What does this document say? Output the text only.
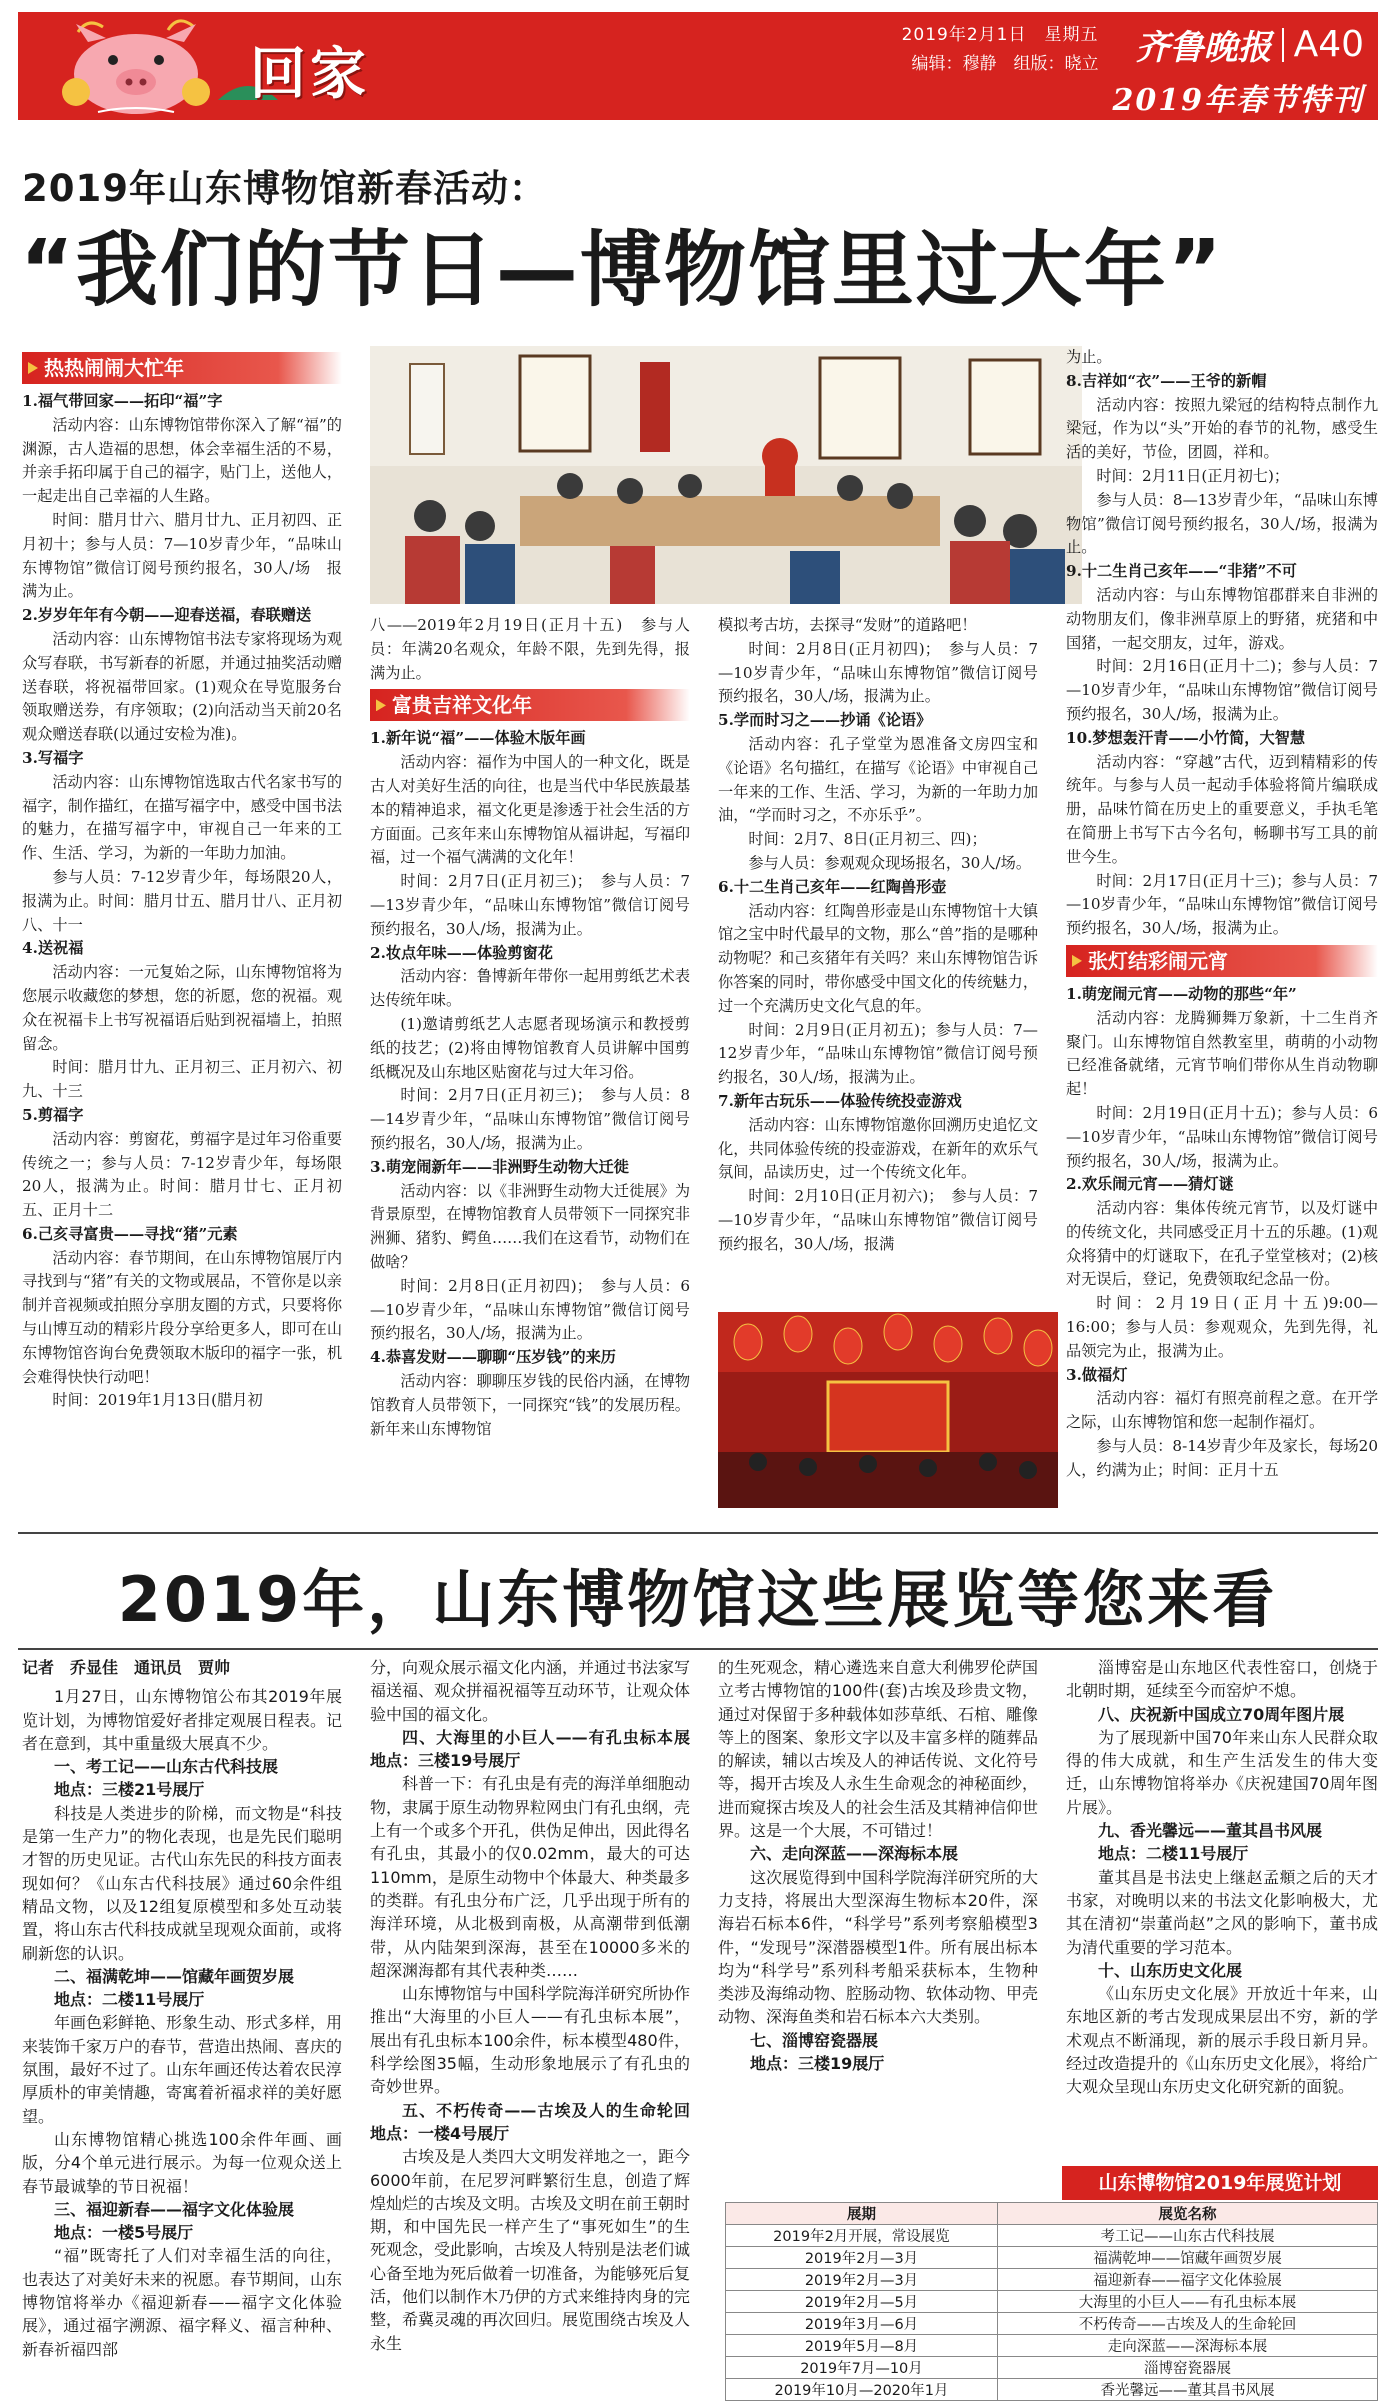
回家
2019年2月1日　星期五
编辑：穆静　组版：晓立 齐鲁晚报 A40
2019年春节特刊
2019年山东博物馆新春活动：
“我们的节日—博物馆里过大年”
热热闹闹大忙年

1.福气带回家——拓印“福”字

活动内容：山东博物馆带你深入了解“福”的渊源，古人造福的思想，体会幸福生活的不易，并亲手拓印属于自己的福字，贴门上，送他人，一起走出自己幸福的人生路。

时间：腊月廿六、腊月廿九、正月初四、正月初十；参与人员：7—10岁青少年，“品味山东博物馆”微信订阅号预约报名，30人/场　报满为止。

2.岁岁年年有今朝——迎春送福，春联赠送

活动内容：山东博物馆书法专家将现场为观众写春联，书写新春的祈愿，并通过抽奖活动赠送春联，将祝福带回家。(1)观众在导览服务台领取赠送券，有序领取；(2)向活动当天前20名观众赠送春联(以通过安检为准)。

3.写福字

活动内容：山东博物馆选取古代名家书写的福字，制作描红，在描写福字中，感受中国书法的魅力，在描写福字中，审视自己一年来的工作、生活、学习，为新的一年助力加油。

参与人员：7-12岁青少年，每场限20人，报满为止。时间：腊月廿五、腊月廿八、正月初八、十一

4.送祝福

活动内容：一元复始之际，山东博物馆将为您展示收藏您的梦想，您的祈愿，您的祝福。观众在祝福卡上书写祝福语后贴到祝福墙上，拍照留念。

时间：腊月廿九、正月初三、正月初六、初九、十三

5.剪福字

活动内容：剪窗花，剪福字是过年习俗重要传统之一；参与人员：7-12岁青少年，每场限20人，报满为止。时间：腊月廿七、正月初五、正月十二

6.己亥寻富贵——寻找“猪”元素

活动内容：春节期间，在山东博物馆展厅内寻找到与“猪”有关的文物或展品，不管你是以亲制并音视频或拍照分享朋友圈的方式，只要将你与山博互动的精彩片段分享给更多人，即可在山东博物馆咨询台免费领取木版印的福字一张，机会难得快快行动吧！

时间：2019年1月13日(腊月初

八——2019年2月19日(正月十五)　参与人员：年满20名观众，年龄不限，先到先得，报满为止。

富贵吉祥文化年

1.新年说“福”——体验木版年画

活动内容：福作为中国人的一种文化，既是古人对美好生活的向往，也是当代中华民族最基本的精神追求，福文化更是渗透于社会生活的方方面面。己亥年来山东博物馆从福讲起，写福印福，过一个福气满满的文化年！

时间：2月7日(正月初三)；　参与人员：7—13岁青少年，“品味山东博物馆”微信订阅号预约报名，30人/场，报满为止。

2.妆点年味——体验剪窗花

活动内容：鲁博新年带你一起用剪纸艺术表达传统年味。

(1)邀请剪纸艺人志愿者现场演示和教授剪纸的技艺；(2)将由博物馆教育人员讲解中国剪纸概况及山东地区贴窗花与过大年习俗。

时间：2月7日(正月初三)；　参与人员：8—14岁青少年，“品味山东博物馆”微信订阅号预约报名，30人/场，报满为止。

3.萌宠闹新年——非洲野生动物大迁徙

活动内容：以《非洲野生动物大迁徙展》为背景原型，在博物馆教育人员带领下一同探究非洲狮、猪豹、鳄鱼……我们在这看节，动物们在做啥？

时间：2月8日(正月初四)；　参与人员：6—10岁青少年，“品味山东博物馆”微信订阅号预约报名，30人/场，报满为止。

4.恭喜发财——聊聊“压岁钱”的来历

活动内容：聊聊压岁钱的民俗内涵，在博物馆教育人员带领下，一同探究“钱”的发展历程。新年来山东博物馆

模拟考古坊，去探寻“发财”的道路吧！

时间：2月8日(正月初四)；　参与人员：7—10岁青少年，“品味山东博物馆”微信订阅号预约报名，30人/场，报满为止。

5.学而时习之——抄诵《论语》

活动内容：孔子堂堂为恩准备文房四宝和《论语》名句描红，在描写《论语》中审视自己一年来的工作、生活、学习，为新的一年助力加油，“学而时习之，不亦乐乎”。

时间：2月7、8日(正月初三、四)；

参与人员：参观观众现场报名，30人/场。

6.十二生肖己亥年——红陶兽形壶

活动内容：红陶兽形壶是山东博物馆十大镇馆之宝中时代最早的文物，那么“兽”指的是哪种动物呢？和己亥猪年有关吗？来山东博物馆告诉你答案的同时，带你感受中国文化的传统魅力，过一个充满历史文化气息的年。

时间：2月9日(正月初五)；参与人员：7—12岁青少年，“品味山东博物馆”微信订阅号预约报名，30人/场，报满为止。

7.新年古玩乐——体验传统投壶游戏

活动内容：山东博物馆邀你回溯历史追忆文化，共同体验传统的投壶游戏，在新年的欢乐气氛间，品读历史，过一个传统文化年。

时间：2月10日(正月初六)；　参与人员：7—10岁青少年，“品味山东博物馆”微信订阅号预约报名，30人/场，报满

为止。

8.吉祥如“衣”——王爷的新帽

活动内容：按照九梁冠的结构特点制作九梁冠，作为以“头”开始的春节的礼物，感受生活的美好，节俭，团圆，祥和。

时间：2月11日(正月初七)；

参与人员：8—13岁青少年，“品味山东博物馆”微信订阅号预约报名，30人/场，报满为止。

9.十二生肖己亥年——“非猪”不可

活动内容：与山东博物馆郡群来自非洲的动物朋友们，像非洲草原上的野猪，疣猪和中国猪，一起交朋友，过年，游戏。

时间：2月16日(正月十二)；参与人员：7—10岁青少年，“品味山东博物馆”微信订阅号预约报名，30人/场，报满为止。

10.梦想轰汗青——小竹简，大智慧

活动内容：“穿越”古代，迈到精精彩的传统年。与参与人员一起动手体验将简片编联成册，品味竹简在历史上的重要意义，手执毛笔在简册上书写下古今名句，畅聊书写工具的前世今生。

时间：2月17日(正月十三)；参与人员：7—10岁青少年，“品味山东博物馆”微信订阅号预约报名，30人/场，报满为止。

张灯结彩闹元宵

1.萌宠闹元宵——动物的那些“年”

活动内容：龙腾狮舞万象新，十二生肖齐聚门。山东博物馆自然教室里，萌萌的小动物已经准备就绪，元宵节响们带你从生肖动物聊起！

时间：2月19日(正月十五)；参与人员：6—10岁青少年，“品味山东博物馆”微信订阅号预约报名，30人/场，报满为止。

2.欢乐闹元宵——猜灯谜

活动内容：集体传统元宵节，以及灯谜中的传统文化，共同感受正月十五的乐趣。(1)观众将猜中的灯谜取下，在孔子堂堂核对；(2)核对无误后，登记，免费领取纪念品一份。

时间：2月19日(正月十五)9:00—16:00；参与人员：参观观众，先到先得，礼品领完为止，报满为止。

3.做福灯

活动内容：福灯有照亮前程之意。在开学之际，山东博物馆和您一起制作福灯。

参与人员：8-14岁青少年及家长，每场20人，约满为止；时间：正月十五

2019年，山东博物馆这些展览等您来看

记者　乔显佳　通讯员　贾帅

1月27日，山东博物馆公布其2019年展览计划，为博物馆爱好者排定观展日程表。记者在意到，其中重量级大展真不少。

一、考工记——山东古代科技展

地点：三楼21号展厅

科技是人类进步的阶梯，而文物是“科技是第一生产力”的物化表现，也是先民们聪明才智的历史见证。古代山东先民的科技方面表现如何？《山东古代科技展》通过60余件组精品文物，以及12组复原模型和多处互动装置，将山东古代科技成就呈现观众面前，或将刷新您的认识。

二、福满乾坤——馆藏年画贺岁展

地点：二楼11号展厅

年画色彩鲜艳、形象生动、形式多样，用来装饰千家万户的春节，营造出热闹、喜庆的氛围，最好不过了。山东年画还传达着农民淳厚质朴的审美情趣，寄寓着祈福求祥的美好愿望。

山东博物馆精心挑选100余件年画、画版，分4个单元进行展示。为每一位观众送上春节最诚挚的节日祝福！

三、福迎新春——福字文化体验展

地点：一楼5号展厅

“福”既寄托了人们对幸福生活的向往，也表达了对美好未来的祝愿。春节期间，山东博物馆将举办《福迎新春——福字文化体验展》，通过福字溯源、福字释义、福言种种、新春祈福四部

分，向观众展示福文化内涵，并通过书法家写福送福、观众拼福祝福等互动环节，让观众体验中国的福文化。

四、大海里的小巨人——有孔虫标本展　地点：三楼19号展厅

科普一下：有孔虫是有壳的海洋单细胞动物，隶属于原生动物界粒网虫门有孔虫纲，壳上有一个或多个开孔，供伪足伸出，因此得名有孔虫，其最小的仅0.02mm，最大的可达110mm，是原生动物中个体最大、种类最多的类群。有孔虫分布广泛，几乎出现于所有的海洋环境，从北极到南极，从高潮带到低潮带，从内陆架到深海，甚至在10000多米的超深渊海都有其代表种类……

山东博物馆与中国科学院海洋研究所协作推出“大海里的小巨人——有孔虫标本展”，展出有孔虫标本100余件，标本模型480件，科学绘图35幅，生动形象地展示了有孔虫的奇妙世界。

五、不朽传奇——古埃及人的生命轮回　地点：一楼4号展厅

古埃及是人类四大文明发祥地之一，距今6000年前，在尼罗河畔繁衍生息，创造了辉煌灿烂的古埃及文明。古埃及文明在前王朝时期，和中国先民一样产生了“事死如生”的生死观念，受此影响，古埃及人特别是法老们诚心备至地为死后做着一切准备，为能够死后复活，他们以制作木乃伊的方式来维持肉身的完整，希冀灵魂的再次回归。展览围绕古埃及人永生

的生死观念，精心遴选来自意大利佛罗伦萨国立考古博物馆的100件(套)古埃及珍贵文物，通过对保留于多种载体如莎草纸、石棺、雕像等上的图案、象形文字以及丰富多样的随葬品的解读，辅以古埃及人的神话传说、文化符号等，揭开古埃及人永生生命观念的神秘面纱，进而窥探古埃及人的社会生活及其精神信仰世界。这是一个大展，不可错过！

六、走向深蓝——深海标本展

这次展览得到中国科学院海洋研究所的大力支持，将展出大型深海生物标本20件，深海岩石标本6件，“科学号”系列考察船模型3件，“发现号”深潜器模型1件。所有展出标本均为“科学号”系列科考船采获标本，生物种类涉及海绵动物、腔肠动物、软体动物、甲壳动物、深海鱼类和岩石标本六大类别。

七、淄博窑瓷器展

地点：三楼19展厅

淄博窑是山东地区代表性窑口，创烧于北朝时期，延续至今而窑炉不熄。

八、庆祝新中国成立70周年图片展

为了展现新中国70年来山东人民群众取得的伟大成就，和生产生活发生的伟大变迁，山东博物馆将举办《庆祝建国70周年图片展》。

九、香光馨远——董其昌书风展

地点：二楼11号展厅

董其昌是书法史上继赵孟頫之后的天才书家，对晚明以来的书法文化影响极大，尤其在清初“崇董尚赵”之风的影响下，董书成为清代重要的学习范本。

十、山东历史文化展

《山东历史文化展》开放近十年来，山东地区新的考古发现成果层出不穷，新的学术观点不断涌现，新的展示手段日新月异。经过改造提升的《山东历史文化展》，将给广大观众呈现山东历史文化研究新的面貌。

山东博物馆2019年展览计划
展期	展览名称
2019年2月开展，常设展览	考工记——山东古代科技展
2019年2月—3月	福满乾坤——馆藏年画贺岁展
2019年2月—3月	福迎新春——福字文化体验展
2019年2月—5月	大海里的小巨人——有孔虫标本展
2019年3月—6月	不朽传奇——古埃及人的生命轮回
2019年5月—8月	走向深蓝——深海标本展
2019年7月—10月	淄博窑瓷器展
2019年10月—2020年1月	香光馨远——董其昌书风展
